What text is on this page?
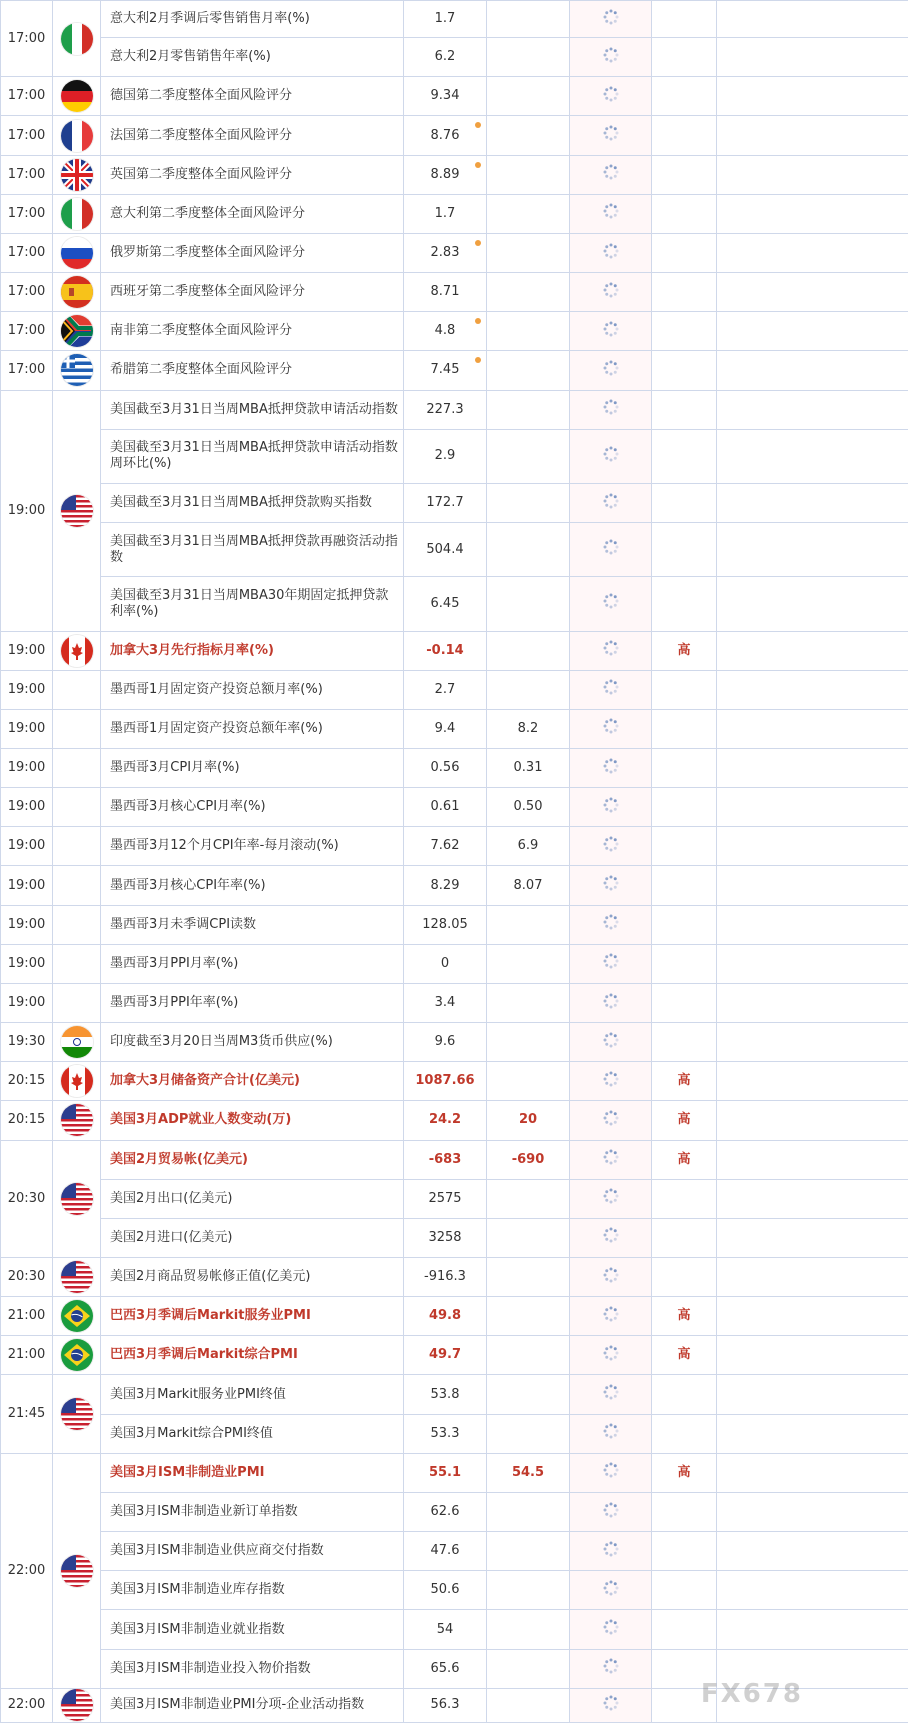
17:00		意大利2月季调后零售销售月率(%)	1.7				
		意大利2月零售销售年率(%)	6.2				
17:00		德国第二季度整体全面风险评分	9.34				
17:00		法国第二季度整体全面风险评分	8.76

17:00		英国第二季度整体全面风险评分	8.89

17:00		意大利第二季度整体全面风险评分	1.7				
17:00		俄罗斯第二季度整体全面风险评分	2.83

17:00		西班牙第二季度整体全面风险评分	8.71				
17:00		南非第二季度整体全面风险评分	4.8

17:00		希腊第二季度整体全面风险评分	7.45

19:00		美国截至3月31日当周MBA抵押贷款申请活动指数	227.3				
		美国截至3月31日当周MBA抵押贷款申请活动指数周环比(%)	2.9				
		美国截至3月31日当周MBA抵押贷款购买指数	172.7				
		美国截至3月31日当周MBA抵押贷款再融资活动指数	504.4				
		美国截至3月31日当周MBA30年期固定抵押贷款利率(%)	6.45				
19:00		加拿大3月先行指标月率(%)	-0.14			高	
19:00		墨西哥1月固定资产投资总额月率(%)	2.7				
19:00		墨西哥1月固定资产投资总额年率(%)	9.4	8.2			
19:00		墨西哥3月CPI月率(%)	0.56	0.31			
19:00		墨西哥3月核心CPI月率(%)	0.61	0.50			
19:00		墨西哥3月12个月CPI年率-每月滚动(%)	7.62	6.9			
19:00		墨西哥3月核心CPI年率(%)	8.29	8.07			
19:00		墨西哥3月未季调CPI读数	128.05				
19:00		墨西哥3月PPI月率(%)	0				
19:00		墨西哥3月PPI年率(%)	3.4				
19:30		印度截至3月20日当周M3货币供应(%)	9.6				
20:15		加拿大3月储备资产合计(亿美元)	1087.66			高	
20:15		美国3月ADP就业人数变动(万)	24.2	20		高	
20:30		美国2月贸易帐(亿美元)	-683	-690		高	
		美国2月出口(亿美元)	2575				
		美国2月进口(亿美元)	3258				
20:30		美国2月商品贸易帐修正值(亿美元)	-916.3				
21:00		巴西3月季调后Markit服务业PMI	49.8			高	
21:00		巴西3月季调后Markit综合PMI	49.7			高	
21:45		美国3月Markit服务业PMI终值	53.8				
		美国3月Markit综合PMI终值	53.3				
22:00		美国3月ISM非制造业PMI	55.1	54.5		高	
		美国3月ISM非制造业新订单指数	62.6				
		美国3月ISM非制造业供应商交付指数	47.6				
		美国3月ISM非制造业库存指数	50.6				
		美国3月ISM非制造业就业指数	54				
		美国3月ISM非制造业投入物价指数	65.6				
22:00		美国3月ISM非制造业PMI分项-企业活动指数	56.3					FX678
